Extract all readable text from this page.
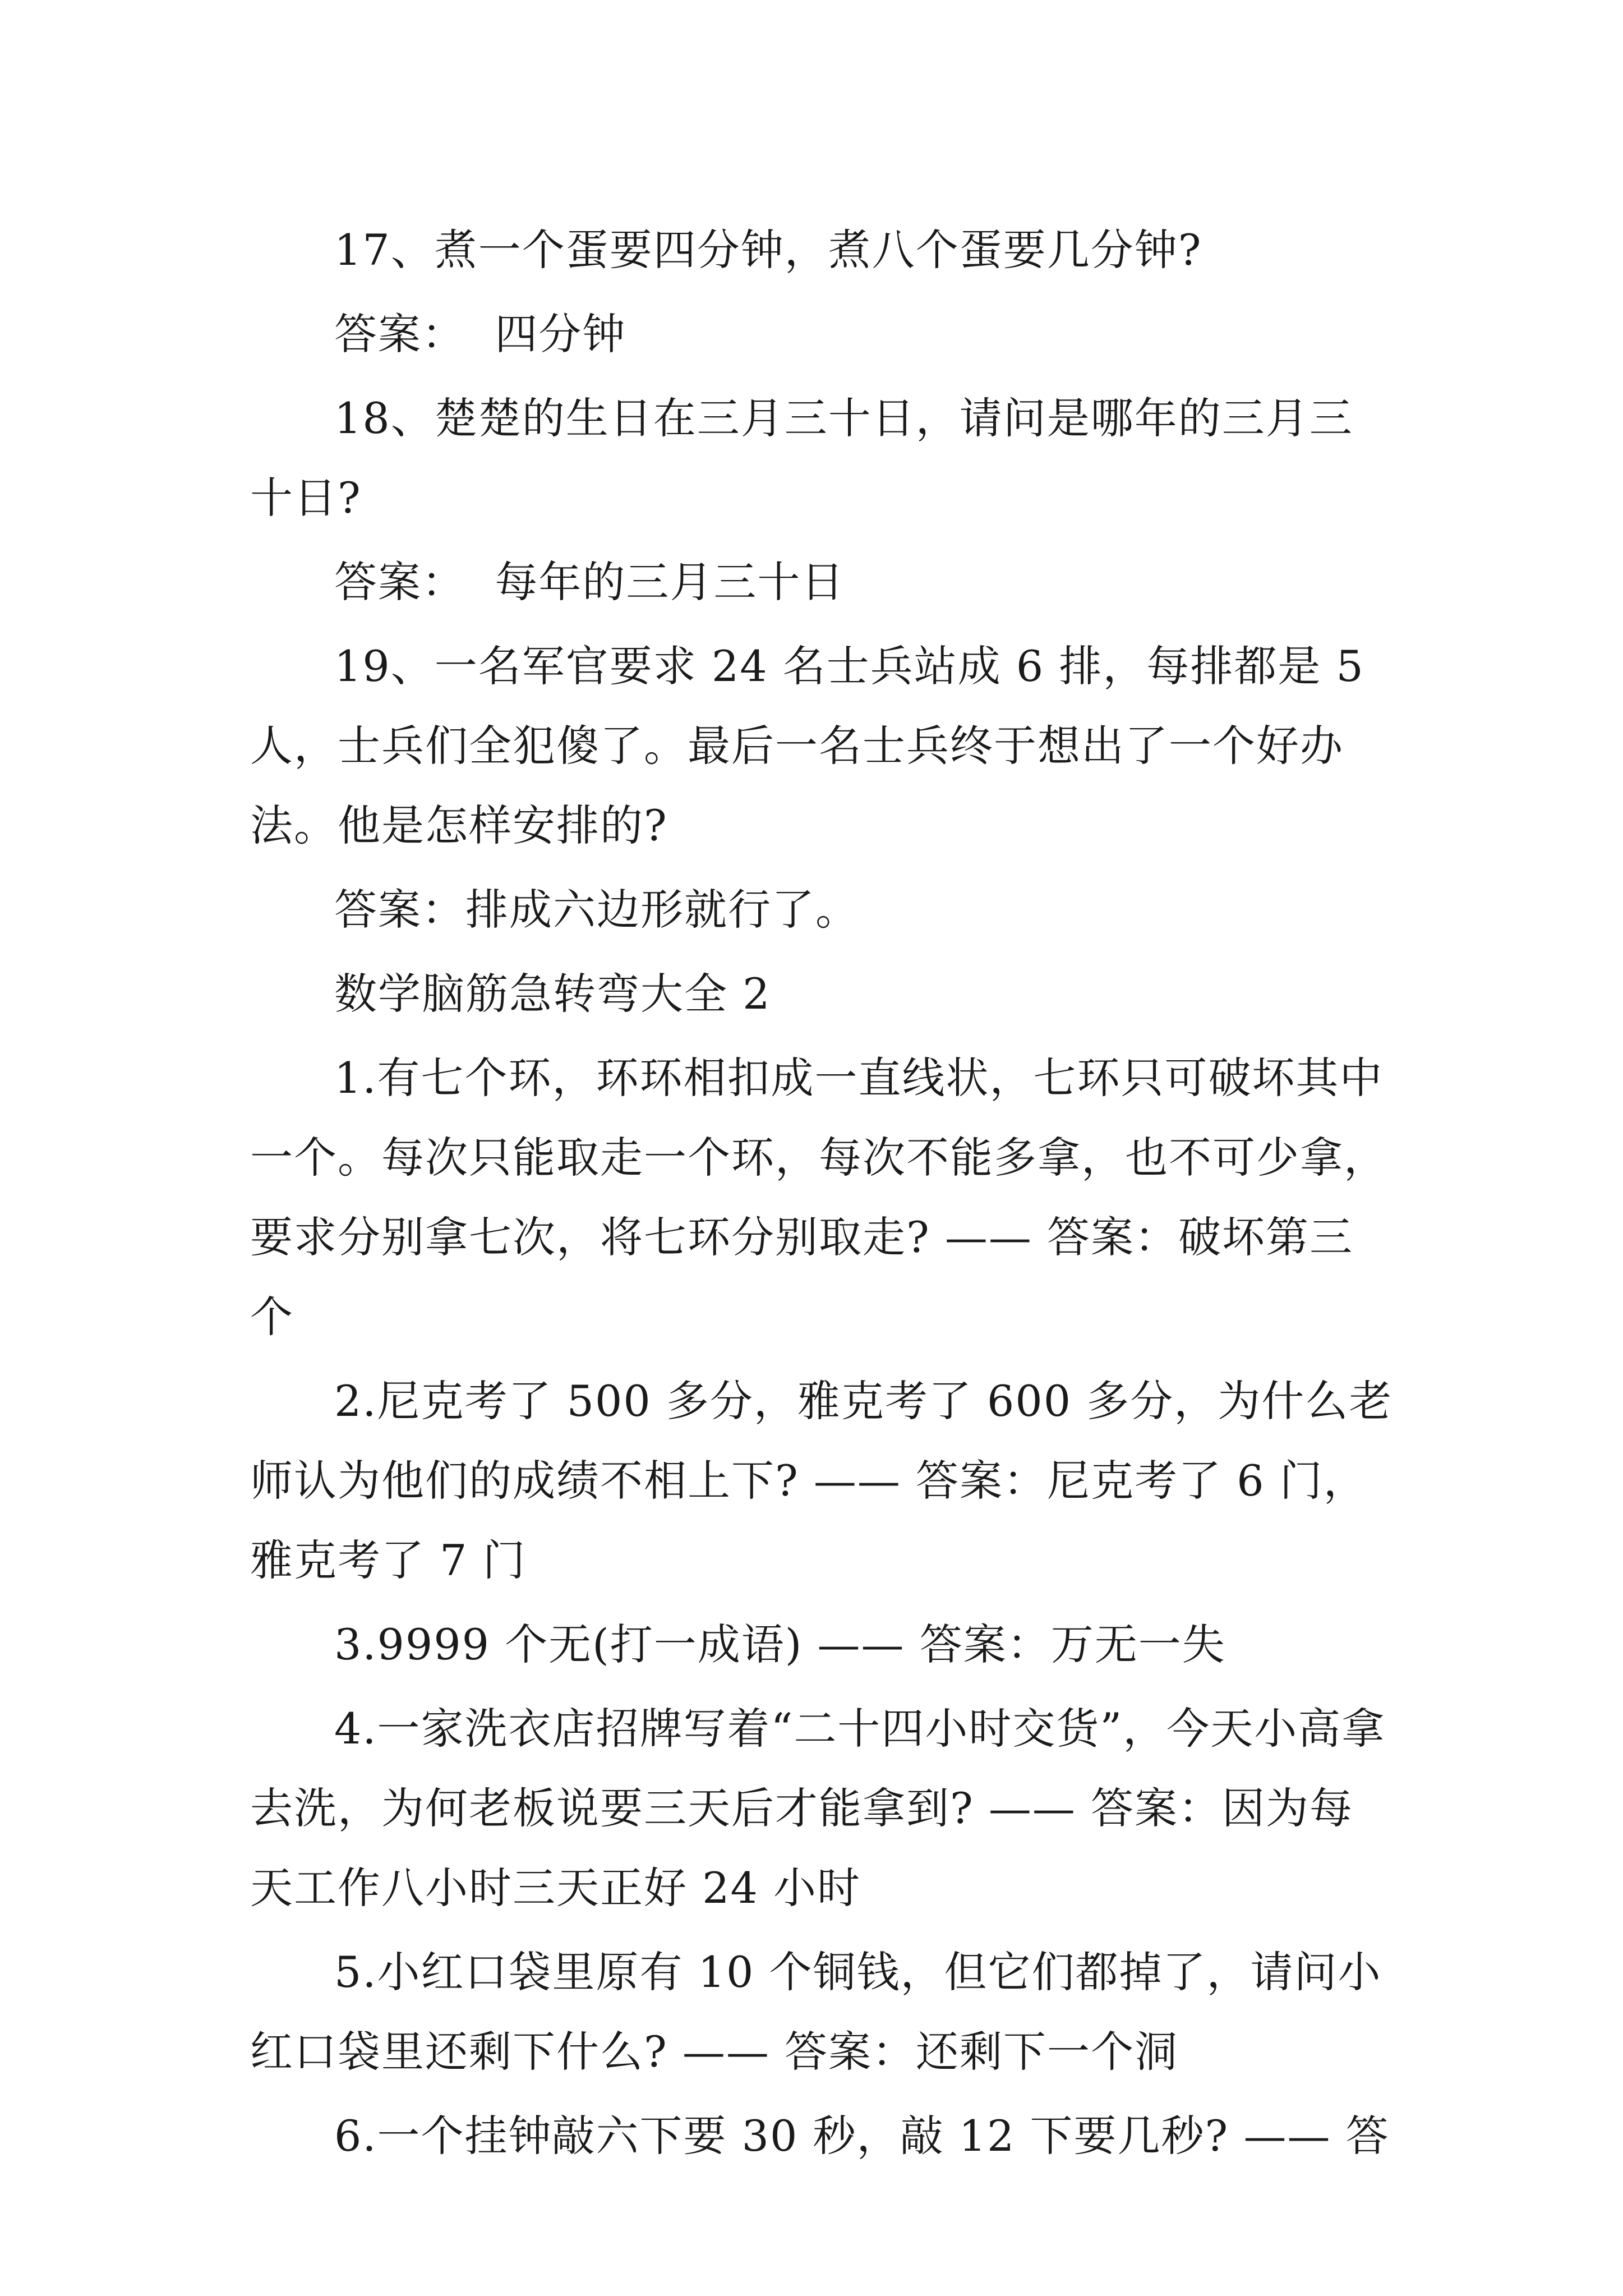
17、煮一个蛋要四分钟，煮八个蛋要几分钟?

答案：  四分钟

18、楚楚的生日在三月三十日，请问是哪年的三月三十日?

答案：  每年的三月三十日

19、一名军官要求 24 名士兵站成 6 排，每排都是 5 人，士兵们全犯傻了。最后一名士兵终于想出了一个好办法。他是怎样安排的?

答案：排成六边形就行了。

数学脑筋急转弯大全 2

1.有七个环，环环相扣成一直线状，七环只可破坏其中一个。每次只能取走一个环，每次不能多拿，也不可少拿，要求分别拿七次，将七环分别取走? —— 答案：破坏第三个

2.尼克考了 500 多分，雅克考了 600 多分，为什么老师认为他们的成绩不相上下? —— 答案：尼克考了 6 门，雅克考了 7 门

3.9999 个无(打一成语) —— 答案：万无一失

4.一家洗衣店招牌写着“二十四小时交货”，今天小高拿去洗，为何老板说要三天后才能拿到? —— 答案：因为每天工作八小时三天正好 24 小时

5.小红口袋里原有 10 个铜钱，但它们都掉了，请问小红口袋里还剩下什么? —— 答案：还剩下一个洞

6.一个挂钟敲六下要 30 秒，敲 12 下要几秒? —— 答
